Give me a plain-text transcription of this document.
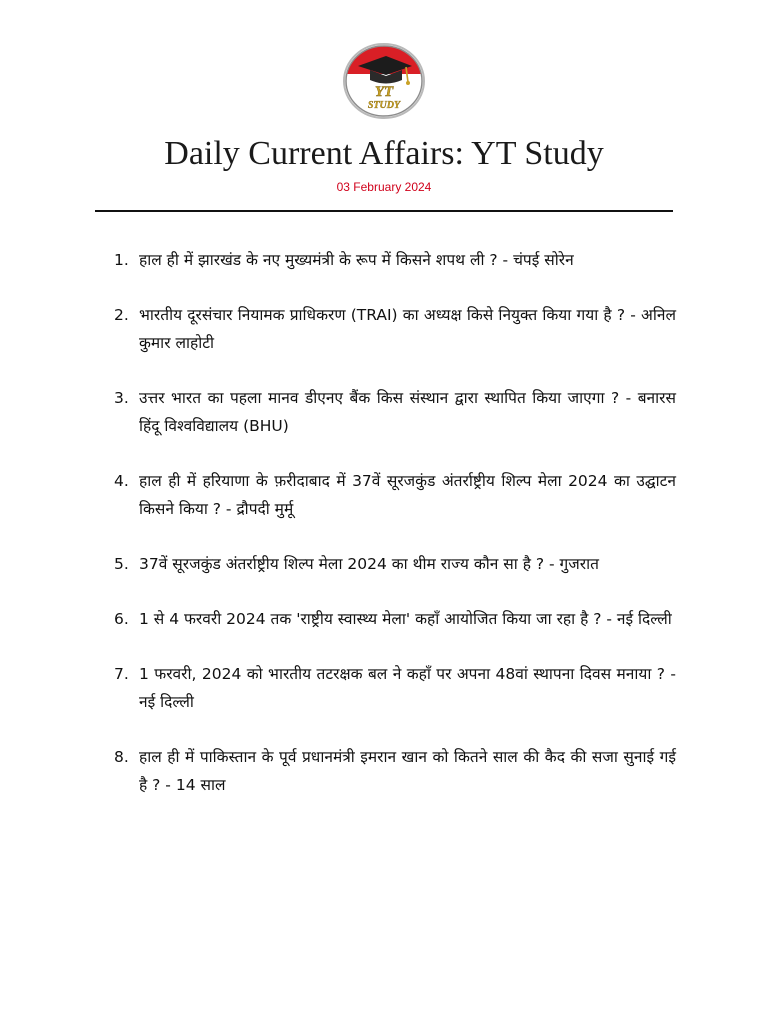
YT
STUDY
Daily Current Affairs: YT Study
03 February 2024
1. हाल ही में झारखंड के नए मुख्यमंत्री के रूप में किसने शपथ ली ? - चंपई सोरेन
2. भारतीय दूरसंचार नियामक प्राधिकरण (TRAI) का अध्यक्ष किसे नियुक्त किया गया है ? - अनिल कुमार लाहोटी
3. उत्तर भारत का पहला मानव डीएनए बैंक किस संस्थान द्वारा स्थापित किया जाएगा ? - बनारस हिंदू विश्वविद्यालय (BHU)
4. हाल ही में हरियाणा के फ़रीदाबाद में 37वें सूरजकुंड अंतर्राष्ट्रीय शिल्प मेला 2024 का उद्घाटन किसने किया ? - द्रौपदी मुर्मू
5. 37वें सूरजकुंड अंतर्राष्ट्रीय शिल्प मेला 2024 का थीम राज्य कौन सा है ? - गुजरात
6. 1 से 4 फरवरी 2024 तक 'राष्ट्रीय स्वास्थ्य मेला' कहाँ आयोजित किया जा रहा है ? - नई दिल्ली
7. 1 फरवरी, 2024 को भारतीय तटरक्षक बल ने कहाँ पर अपना 48वां स्थापना दिवस मनाया ? - नई दिल्ली
8. हाल ही में पाकिस्तान के पूर्व प्रधानमंत्री इमरान खान को कितने साल की कैद की सजा सुनाई गई है ? - 14 साल
